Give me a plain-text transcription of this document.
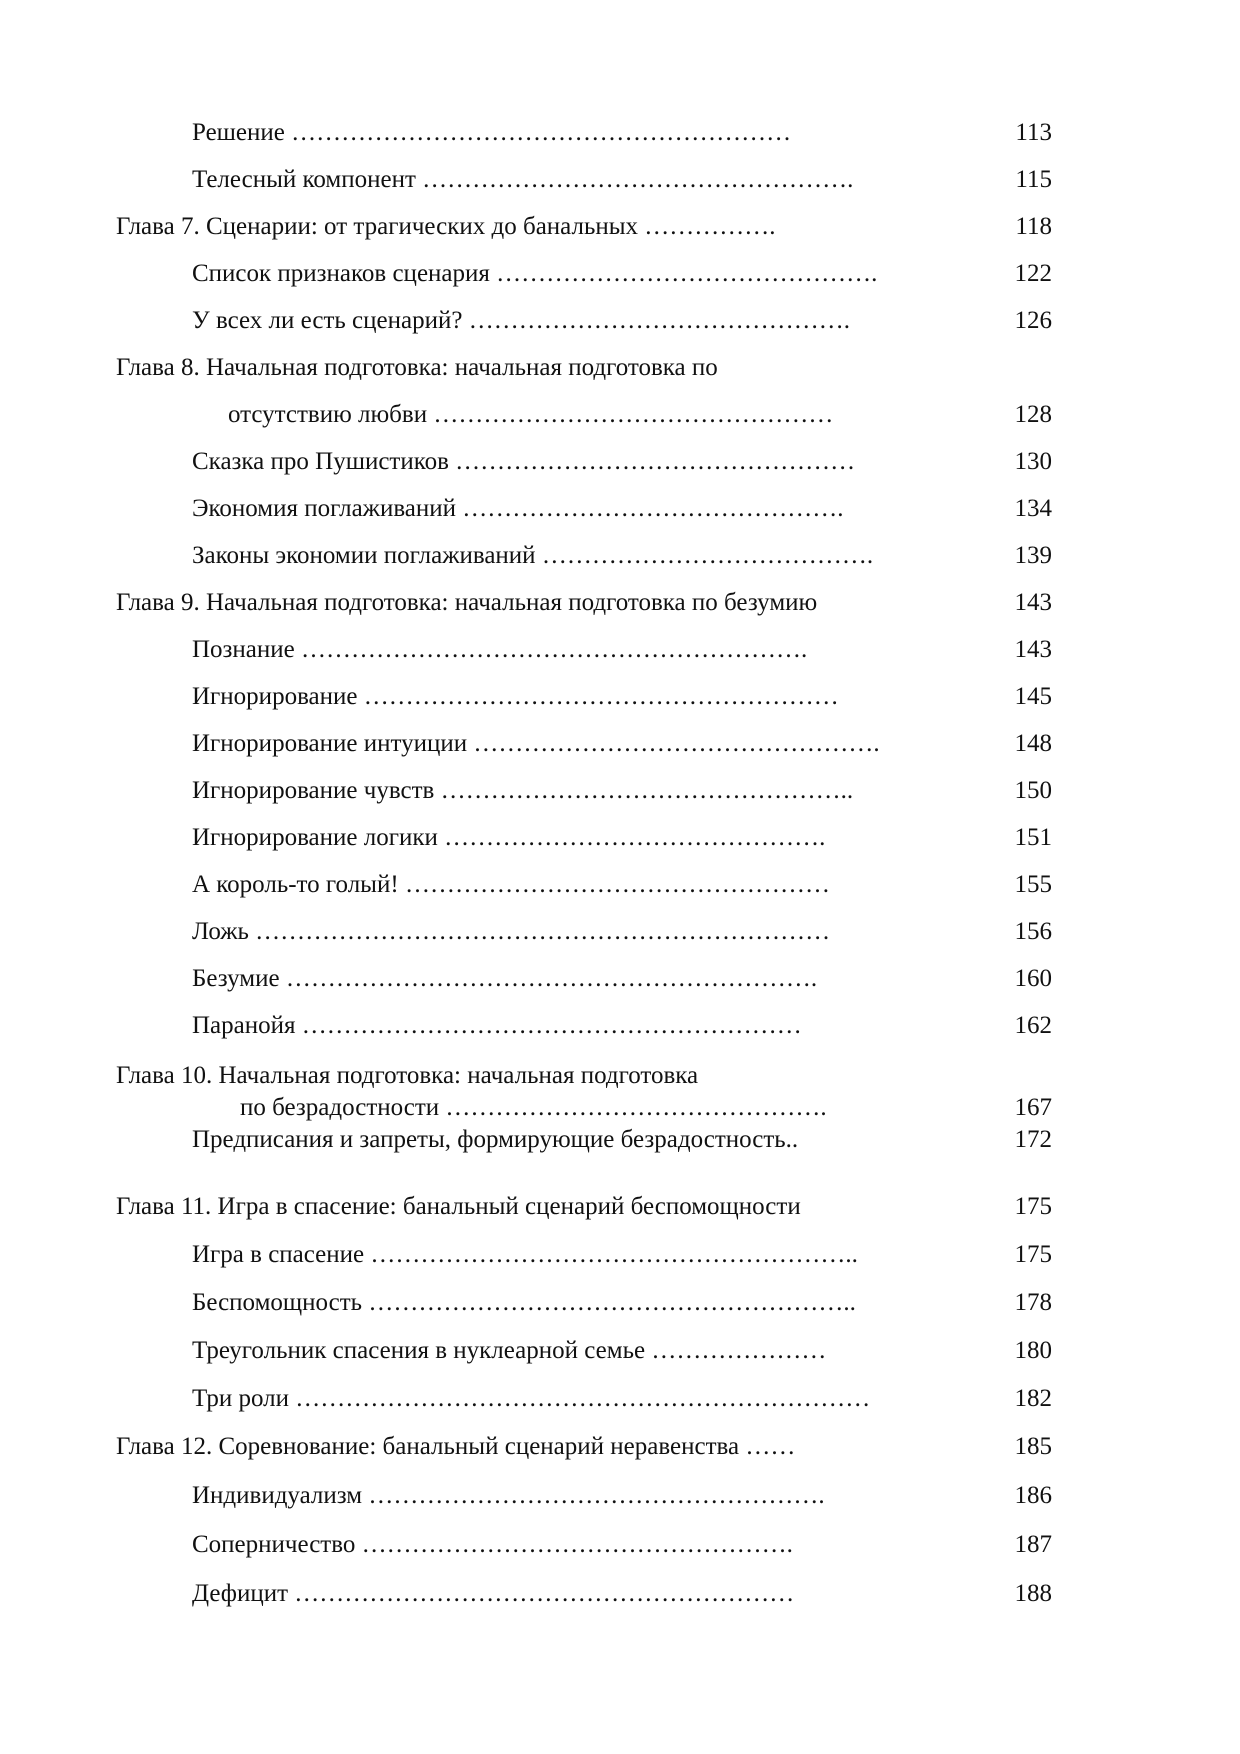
Решение ……………………………………………………	113
Телесный компонент …………………………………………….	115
Глава 7. Сценарии: от трагических до банальных …………….	118
Список признаков сценария ……………………………………….	122
У всех ли есть сценарий? ……………………………………….	126
Глава 8. Начальная подготовка: начальная подготовка по
отсутствию любви …………………………………………	128
Сказка про Пушистиков …………………………………………	130
Экономия поглаживаний ……………………………………….	134
Законы экономии поглаживаний ………………………………….	139
Глава 9. Начальная подготовка: начальная подготовка по безумию	143
Познание …………………………………………………….	143
Игнорирование …………………………………………………	145
Игнорирование интуиции ………………………………………….	148
Игнорирование чувств …………………………………………..	150
Игнорирование логики ……………………………………….	151
А король-то голый! ……………………………………………	155
Ложь ……………………………………………………………	156
Безумие ……………………………………………………….	160
Паранойя ……………………………………………………	162
Глава 10. Начальная подготовка: начальная подготовка
по безрадостности ……………………………………….	167
Предписания и запреты, формирующие безрадостность..	172
Глава 11. Игра в спасение: банальный сценарий беспомощности	175
Игра в спасение …………………………………………………..	175
Беспомощность …………………………………………………..	178
Треугольник спасения в нуклеарной семье …………………	180
Три роли ……………………………………………………………	182
Глава 12. Соревнование: банальный сценарий неравенства ……	185
Индивидуализм ……………………………………………….	186
Соперничество …………………………………………….	187
Дефицит ……………………………………………………	188
